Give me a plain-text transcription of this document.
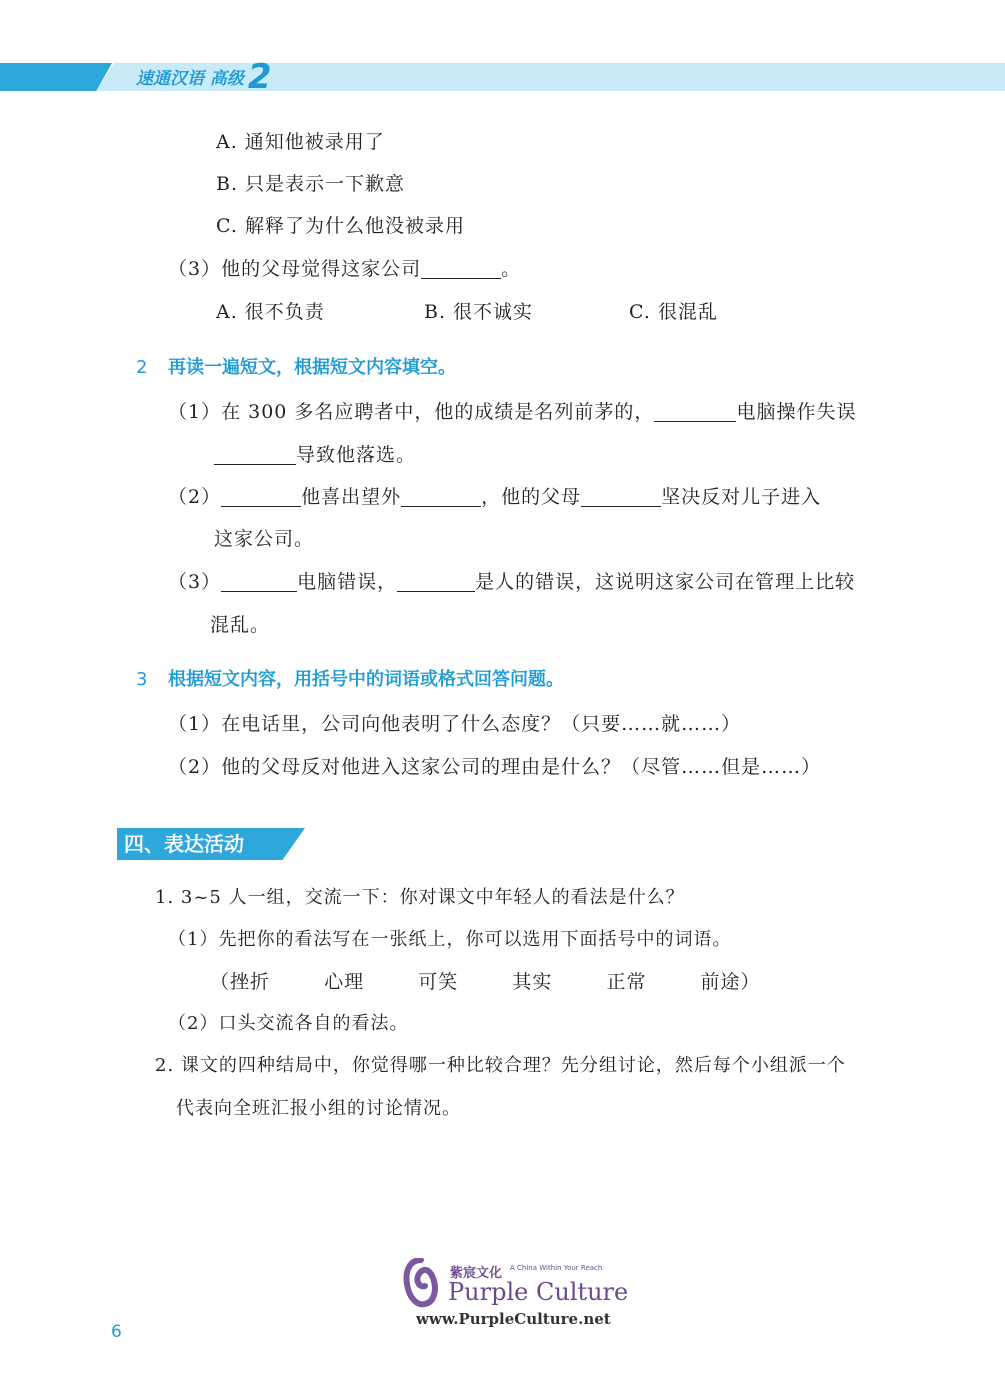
速通汉语 高级 2
A. 通知他被录用了
B. 只是表示一下歉意
C. 解释了为什么他没被录用
（3）他的父母觉得这家公司	。
A. 很不负责	B. 很不诚实	C. 很混乱
2 再读一遍短文，根据短文内容填空。
（1）在 300 多名应聘者中，他的成绩是名列前茅的，	电脑操作失误
导致他落选。
（2）	他喜出望外	，他的父母	坚决反对儿子进入
这家公司。
（3）	电脑错误，	是人的错误，这说明这家公司在管理上比较
混乱。
3 根据短文内容，用括号中的词语或格式回答问题。
（1）在电话里，公司向他表明了什么态度？（只要……就……）
（2）他的父母反对他进入这家公司的理由是什么？（尽管……但是……）
四、表达活动
1. 3~5 人一组，交流一下：你对课文中年轻人的看法是什么？
（1）先把你的看法写在一张纸上，你可以选用下面括号中的词语。
（挫折	心理	可笑	其实	正常	前途）
（2）口头交流各自的看法。
2. 课文的四种结局中，你觉得哪一种比较合理？先分组讨论，然后每个小组派一个
代表向全班汇报小组的讨论情况。
紫宸文化 A China Within Your Reach
Purple Culture
www.PurpleCulture.net
6
